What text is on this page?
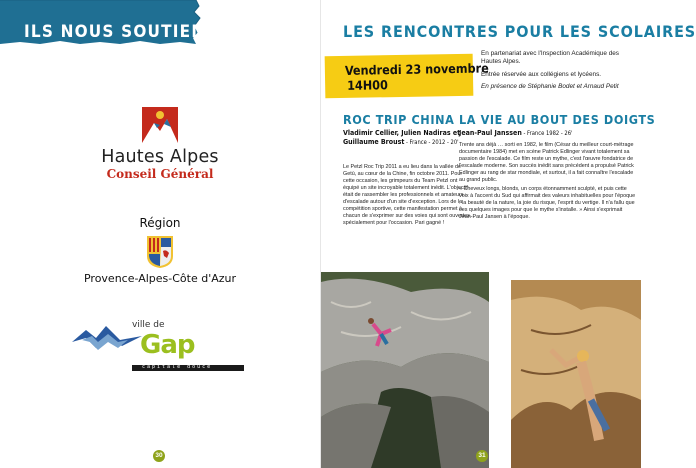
ILS NOUS SOUTIENNENT
Hautes Alpes
Conseil Général
Région
Provence-Alpes-Côte d'Azur
ville de
Gap
capitale douce
30
LES RENCONTRES POUR LES SCOLAIRES
Vendredi 23 novembre
14H00

En partenariat avec l'Inspection Académique des Hautes Alpes.

Entrée réservée aux collégiens et lycéens.

En présence de Stéphanie Bodet et Arnaud Petit

ROC TRIP CHINA
Vladimir Cellier, Julien Nadiras et Guillaume Broust - France - 2012 - 20'
Le Petzl Roc Trip 2011 a eu lieu dans la vallée de Getù, au cœur de la Chine, fin octobre 2011. Pour cette occasion, les grimpeurs du Team Petzl ont équipé un site incroyable totalement inédit. L'objectif était de rassembler les professionnels et amateurs d'escalade autour d'un site d'exception. Lors de la compétition sportive, cette manifestation permet à chacun de s'exprimer sur des voies qui sont ouvertes spécialement pour l'occasion. Pari gagné !
LA VIE AU BOUT DES DOIGTS
Jean-Paul Janssen - France 1982 - 26'

Trente ans déjà … sorti en 1982, le film (César du meilleur court-métrage documentaire 1984) met en scène Patrick Edlinger vivant totalement sa passion de l'escalade. Ce film reste un mythe, c'est l'œuvre fondatrice de l'escalade moderne. Son succès inédit sans précédent a propulsé Patrick Edlinger au rang de star mondiale, et surtout, il a fait connaître l'escalade au grand public.

« Cheveux longs, blonds, un corps étonnamment sculpté, et puis cette voix à l'accent du Sud qui affirmait des valeurs inhabituelles pour l'époque : la beauté de la nature, la joie du risque, l'esprit du vertige. Il n'a fallu que ces quelques images pour que le mythe s'installe. » Ainsi s'exprimait Jean-Paul Jansen à l'époque.

31
